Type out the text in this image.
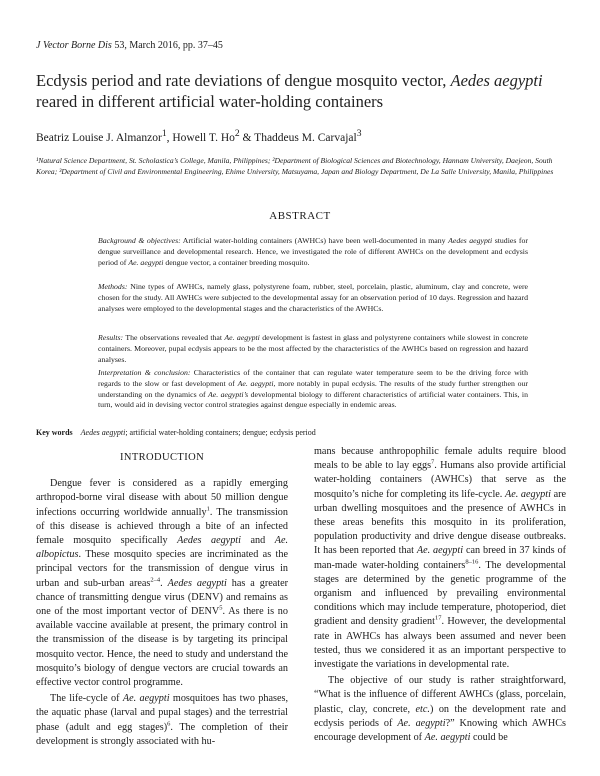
J Vector Borne Dis 53, March 2016, pp. 37–45
Ecdysis period and rate deviations of dengue mosquito vector, Aedes aegypti reared in different artificial water-holding containers
Beatriz Louise J. Almanzor$^1$, Howell T. Ho$^2$ & Thaddeus M. Carvajal$^3$
¹Natural Science Department, St. Scholastica’s College, Manila, Philippines; ²Department of Biological Sciences and Biotechnology, Hannam University, Daejeon, South Korea; ³Department of Civil and Environmental Engineering, Ehime University, Matsuyama, Japan and Biology Department, De La Salle University, Manila, Philippines
ABSTRACT
Background & objectives: Artificial water-holding containers (AWHCs) have been well-documented in many Aedes aegypti studies for dengue surveillance and developmental research. Hence, we investigated the role of different AWHCs on the development and ecdysis period of Ae. aegypti dengue vector, a container breeding mosquito.
Methods: Nine types of AWHCs, namely glass, polystyrene foam, rubber, steel, porcelain, plastic, aluminum, clay and concrete, were chosen for the study. All AWHCs were subjected to the developmental assay for an observation period of 10 days. Regression and hazard analyses were employed to the developmental stages and the characteristics of the AWHCs.
Results: The observations revealed that Ae. aegypti development is fastest in glass and polystyrene containers while slowest in concrete containers. Moreover, pupal ecdysis appears to be the most affected by the characteristics of the AWHCs based on regression and hazard analyses.
Interpretation & conclusion: Characteristics of the container that can regulate water temperature seem to be the driving force with regards to the slow or fast development of Ae. aegypti, more notably in pupal ecdysis. The results of the study further strengthen our understanding on the dynamics of Ae. aegypti’s developmental biology to different characteristics of artificial water containers. This, in turn, would aid in devising vector control strategies against dengue especially in endemic areas.
Key words Aedes aegypti; artificial water-holding containers; dengue; ecdysis period
INTRODUCTION

Dengue fever is considered as a rapidly emerging arthropod-borne viral disease with about 50 million dengue infections occurring worldwide annually$^1$. The transmission of this disease is achieved through a bite of an infected female mosquito specifically Aedes aegypti and Ae. albopictus. These mosquito species are incriminated as the principal vectors for the transmission of dengue virus in urban and sub-urban areas$^{2-4}$. Aedes aegypti has a greater chance of transmitting dengue virus (DENV) and remains as one of the most important vector of DENV$^5$. As there is no available vaccine available at present, the primary control in the transmission of the disease is by targeting its principal mosquito vector. Hence, the need to study and understand the mosquito’s biology of dengue vectors are crucial towards an effective vector control programme.

The life-cycle of Ae. aegypti mosquitoes has two phases, the aquatic phase (larval and pupal stages) and the terrestrial phase (adult and egg stages)$^6$. The completion of their development is strongly associated with hu-

mans because anthropophilic female adults require blood meals to be able to lay eggs$^7$. Humans also provide artificial water-holding containers (AWHCs) that serve as the mosquito’s niche for completing its life-cycle. Ae. aegypti are urban dwelling mosquitoes and the presence of AWHCs in these areas benefits this mosquito in its proliferation, population productivity and drive dengue disease outbreaks. It has been reported that Ae. aegypti can breed in 37 kinds of man-made water-holding containers$^{8-16}$. The developmental stages are determined by the genetic programme of the organism and influenced by prevailing environmental conditions which may include temperature, photoperiod, diet gradient and density gradient$^{17}$. However, the developmental rate in AWHCs has always been assumed and never been tested, thus we considered it as an important perspective to investigate the variations in developmental rate.

The objective of our study is rather straightforward, “What is the influence of different AWHCs (glass, porcelain, plastic, clay, concrete, etc.) on the development rate and ecdysis periods of Ae. aegypti?” Knowing which AWHCs encourage development of Ae. aegypti could be
